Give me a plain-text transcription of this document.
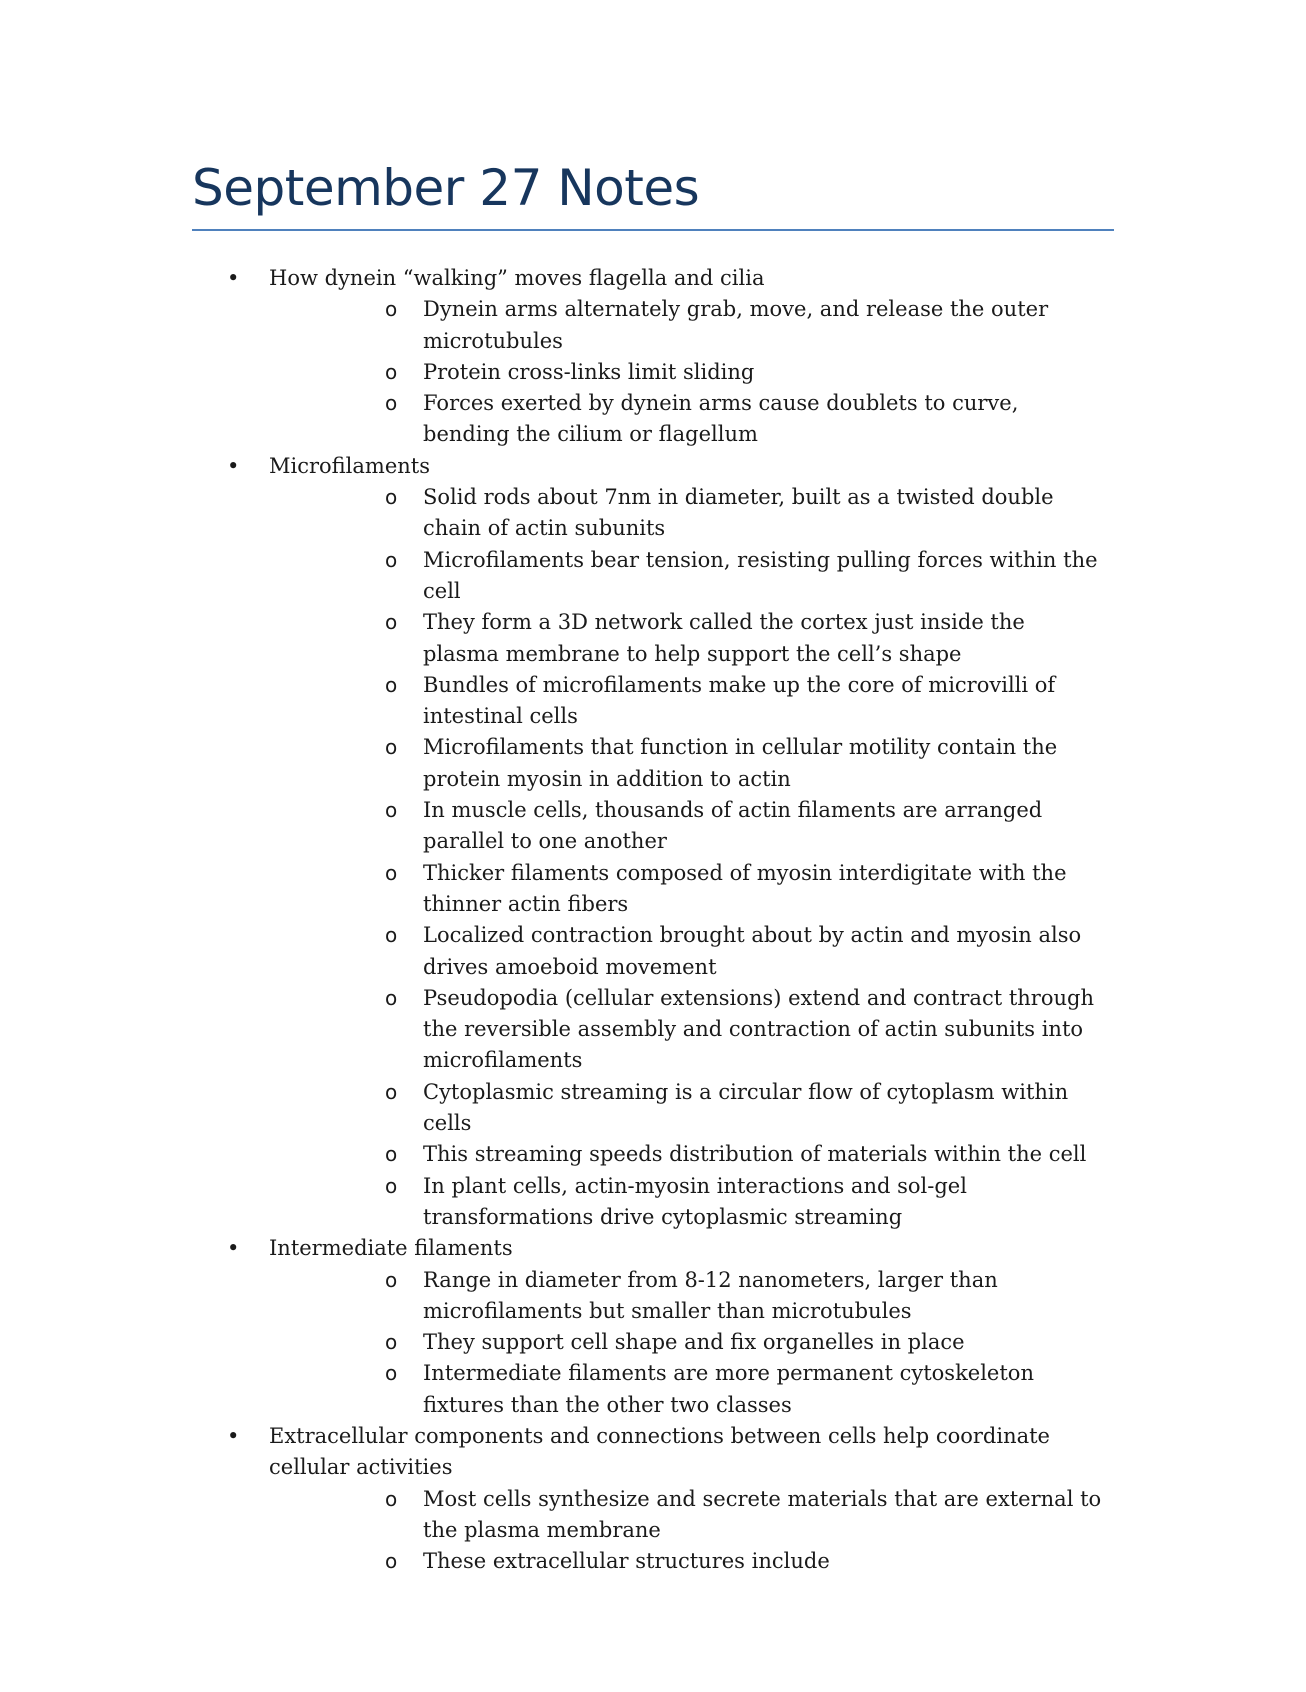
September 27 Notes
• How dynein “walking” moves flagella and cilia
o Dynein arms alternately grab, move, and release the outer microtubules
o Protein cross-links limit sliding
o Forces exerted by dynein arms cause doublets to curve, bending the cilium or flagellum
• Microfilaments
o Solid rods about 7nm in diameter, built as a twisted double chain of actin subunits
o Microfilaments bear tension, resisting pulling forces within the cell
o They form a 3D network called the cortex just inside the plasma membrane to help support the cell’s shape
o Bundles of microfilaments make up the core of microvilli of intestinal cells
o Microfilaments that function in cellular motility contain the protein myosin in addition to actin
o In muscle cells, thousands of actin filaments are arranged parallel to one another
o Thicker filaments composed of myosin interdigitate with the thinner actin fibers
o Localized contraction brought about by actin and myosin also drives amoeboid movement
o Pseudopodia (cellular extensions) extend and contract through the reversible assembly and contraction of actin subunits into microfilaments
o Cytoplasmic streaming is a circular flow of cytoplasm within cells
o This streaming speeds distribution of materials within the cell
o In plant cells, actin-myosin interactions and sol-gel transformations drive cytoplasmic streaming
• Intermediate filaments
o Range in diameter from 8-12 nanometers, larger than microfilaments but smaller than microtubules
o They support cell shape and fix organelles in place
o Intermediate filaments are more permanent cytoskeleton fixtures than the other two classes
• Extracellular components and connections between cells help coordinate cellular activities
o Most cells synthesize and secrete materials that are external to the plasma membrane
o These extracellular structures include
